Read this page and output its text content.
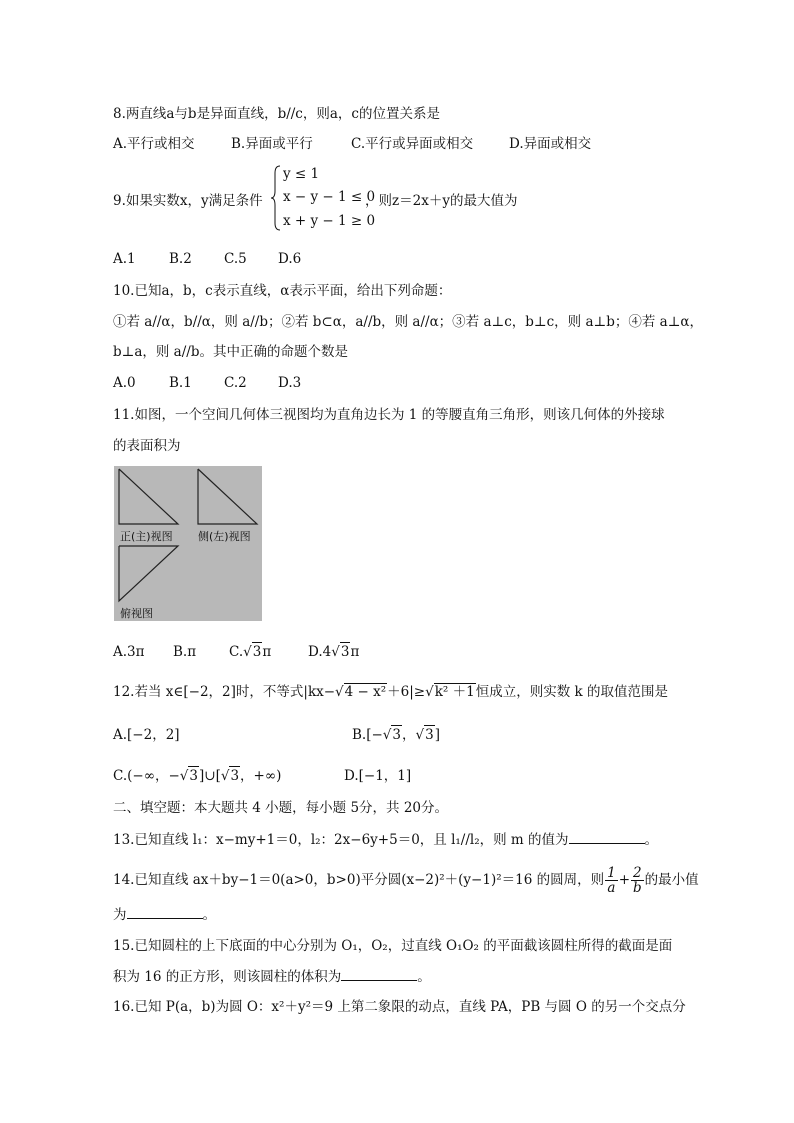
8.两直线a与b是异面直线，b//c，则a，c的位置关系是
A.平行或相交	B.异面或平行	C.平行或异面或相交	D.异面或相交
9.如果实数x，y满足条件
y ≤ 1
x − y − 1 ≤ 0
x + y − 1 ≥ 0
，则z＝2x＋y的最大值为
A.1 B.2 C.5 D.6
10.已知a，b，c表示直线，α表示平面，给出下列命题：
①若 a//α，b//α，则 a//b；②若 b⊂α，a//b，则 a//α；③若 a⊥c，b⊥c，则 a⊥b；④若 a⊥α，
b⊥a，则 a//b。其中正确的命题个数是
A.0 B.1 C.2 D.3
11.如图，一个空间几何体三视图均为直角边长为 1 的等腰直角三角形，则该几何体的外接球
的表面积为
正(主)视图 侧(左)视图
俯视图
A.3π B.π C.√3π	D.4√3π
12.若当 x∈[−2，2]时，不等式|kx−√4 − x²＋6|≥√k² ＋1恒成立，则实数 k 的取值范围是
A.[−2，2]	B.[−√3，√3]
C.(−∞，−√3]∪[√3，+∞)	D.[−1，1]
二、填空题：本大题共 4 小题，每小题 5分，共 20分。
13.已知直线 l₁：x−my+1＝0，l₂：2x−6y+5＝0，且 l₁//l₂，则 m 的值为	。
14.已知直线 ax＋by−1＝0(a>0，b>0)平分圆(x−2)²＋(y−1)²＝16 的圆周，则 $\frac{1}{a} + \frac{2}{b}$ 的最小值
为	。
15.已知圆柱的上下底面的中心分别为 O₁，O₂，过直线 O₁O₂ 的平面截该圆柱所得的截面是面
积为 16 的正方形，则该圆柱的体积为	。
16.已知 P(a，b)为圆 O：x²＋y²＝9 上第二象限的动点，直线 PA，PB 与圆 O 的另一个交点分
